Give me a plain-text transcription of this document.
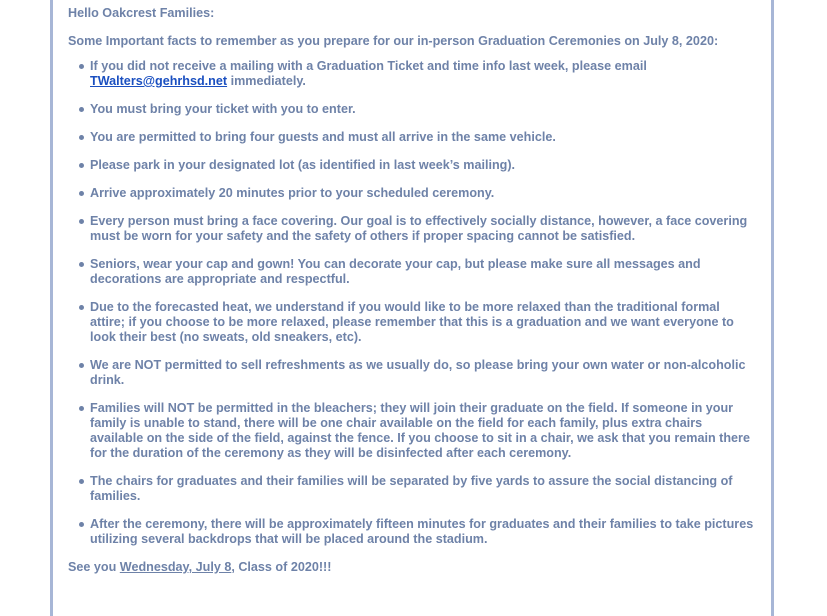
Hello Oakcrest Families:

Some Important facts to remember as you prepare for our in-person Graduation Ceremonies on July 8, 2020:

If you did not receive a mailing with a Graduation Ticket and time info last week, please email TWalters@gehrhsd.net immediately.
You must bring your ticket with you to enter.
You are permitted to bring four guests and must all arrive in the same vehicle.
Please park in your designated lot (as identified in last week’s mailing).
Arrive approximately 20 minutes prior to your scheduled ceremony.
Every person must bring a face covering. Our goal is to effectively socially distance, however, a face covering must be worn for your safety and the safety of others if proper spacing cannot be satisfied.
Seniors, wear your cap and gown! You can decorate your cap, but please make sure all messages and decorations are appropriate and respectful.
Due to the forecasted heat, we understand if you would like to be more relaxed than the traditional formal attire; if you choose to be more relaxed, please remember that this is a graduation and we want everyone to look their best (no sweats, old sneakers, etc).
We are NOT permitted to sell refreshments as we usually do, so please bring your own water or non-alcoholic drink.
Families will NOT be permitted in the bleachers; they will join their graduate on the field. If someone in your family is unable to stand, there will be one chair available on the field for each family, plus extra chairs available on the side of the field, against the fence. If you choose to sit in a chair, we ask that you remain there for the duration of the ceremony as they will be disinfected after each ceremony.
The chairs for graduates and their families will be separated by five yards to assure the social distancing of families.
After the ceremony, there will be approximately fifteen minutes for graduates and their families to take pictures utilizing several backdrops that will be placed around the stadium.

See you Wednesday, July 8, Class of 2020!!!
